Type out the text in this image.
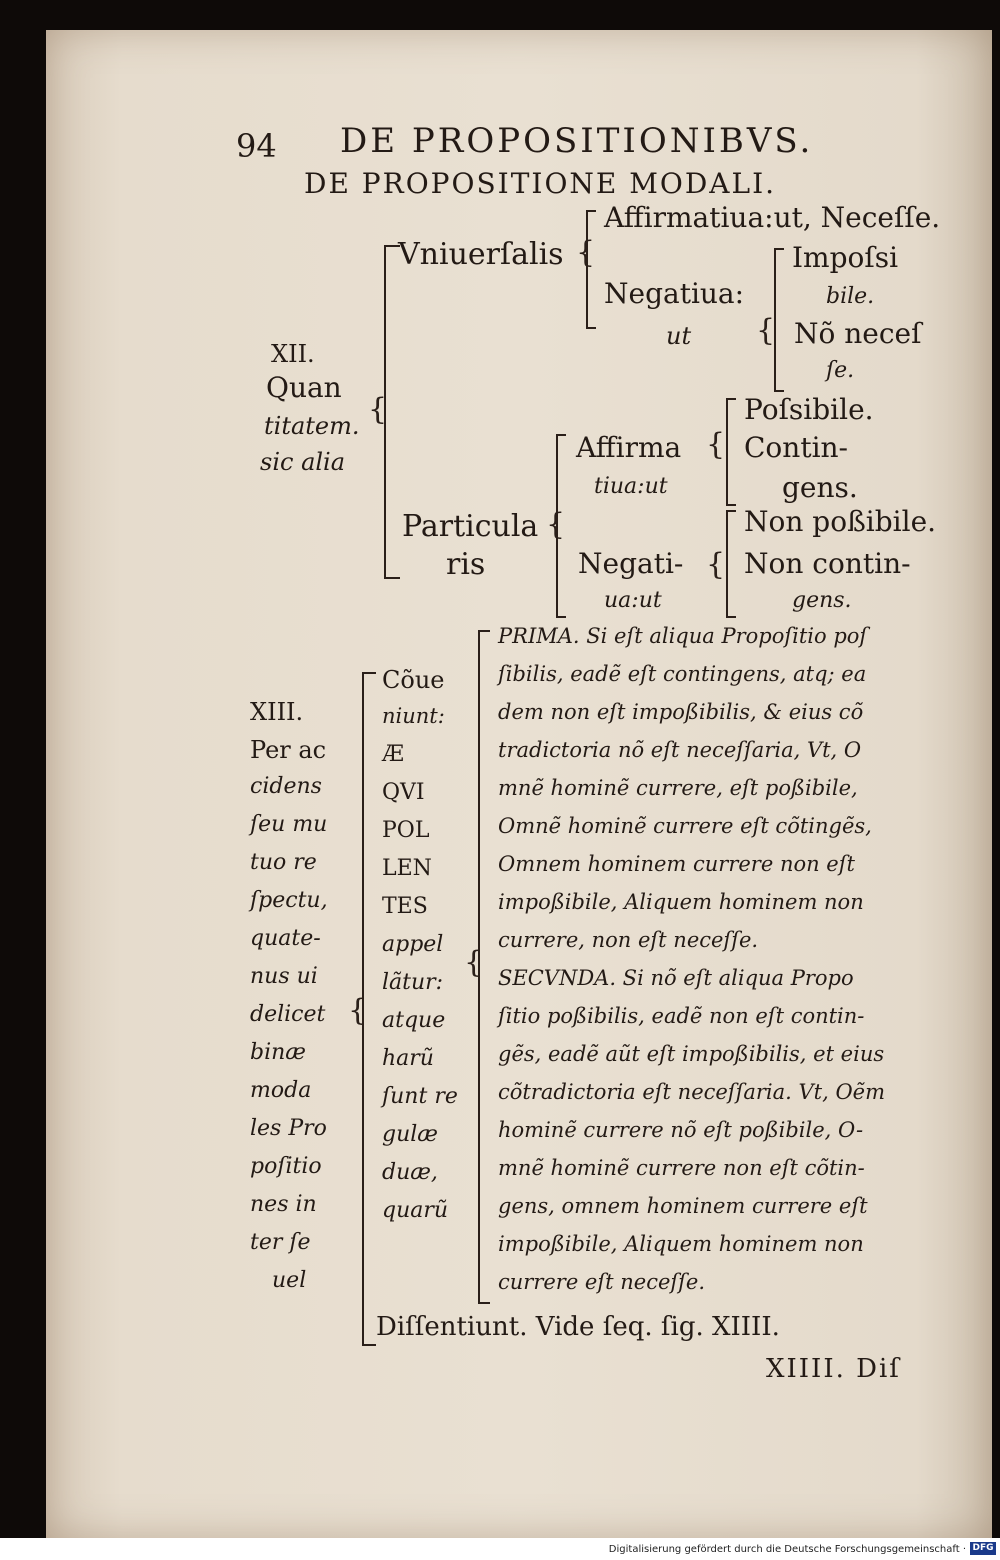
94 DE PROPOSITIONIBVS.
DE PROPOSITIONE MODALI.
XII.
Quan
titatem.
sic alia
{
Vniuerſalis {
Affirmatiua:ut, Neceſſe.
Negatiua:
ut {
Impoſsi
bile.
Nõ neceſ
ſe.
Particula
ris
{
Affirma
tiua:ut
{
Poſsibile.
Contin-
gens.
Negati-
ua:ut
{
Non poßibile.
Non contin-
gens.
XIII.
Per ac
cidens
ſeu mu
tuo re
ſpectu,
quate-
nus ui
delicet
binæ
moda
les Pro
poſitio
nes in
ter ſe
uel
{
Cõue
niunt:
Æ
QVI
POL
LEN
TES
appel
lãtur:
atque
harũ
ſunt re
gulæ
duæ,
quarũ
{
PRIMA. Si eſt aliqua Propoſitio poſ
ſibilis, eadẽ eſt contingens, atq; ea
dem non eſt impoßibilis, & eius cõ
tradictoria nõ eſt neceſſaria, Vt, O
mnẽ hominẽ currere, eſt poßibile,
Omnẽ hominẽ currere eſt cõtingẽs,
Omnem hominem currere non eſt
impoßibile, Aliquem hominem non
currere, non eſt neceſſe.
SECVNDA. Si nõ eſt aliqua Propo
ſitio poßibilis, eadẽ non eſt contin-
gẽs, eadẽ aũt eſt impoßibilis, et eius
cõtradictoria eſt neceſſaria. Vt, Oẽm
hominẽ currere nõ eſt poßibile, O-
mnẽ hominẽ currere non eſt cõtin-
gens, omnem hominem currere eſt
impoßibile, Aliquem hominem non
currere eſt neceſſe.
Diſſentiunt. Vide ſeq. ſig. XIIII.
XIIII. Diſ
Digitalisierung gefördert durch die Deutsche Forschungsgemeinschaft · DFG
